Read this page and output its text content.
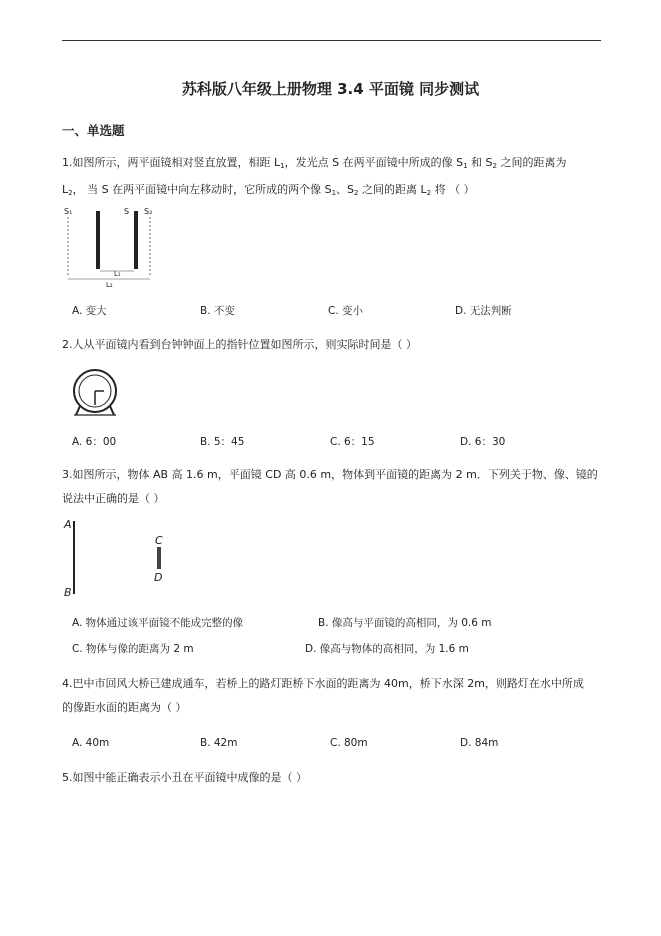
苏科版八年级上册物理 3.4 平面镜 同步测试
一、单选题
1.如图所示，两平面镜相对竖直放置，相距 $L_1$，发光点 S 在两平面镜中所成的像 $S_1$ 和 $S_2$ 之间的距离为
$L_2$， 当 S 在两平面镜中向左移动时，它所成的两个像 $S_1$、$S_2$ 之间的距离 $L_2$ 将 （ ）
S₁	S S₂
L₁
L₂
A. 变大	B. 不变	C. 变小	D. 无法判断
2.人从平面镜内看到台钟钟面上的指针位置如图所示，则实际时间是（ ）
A. 6：00	B. 5：45	C. 6：15	D. 6：30
3.如图所示，物体 AB 高 1.6 m，平面镜 CD 高 0.6 m，物体到平面镜的距离为 2 m．下列关于物、像、镜的
说法中正确的是（ ）
A
B
C
D
A. 物体通过该平面镜不能成完整的像	B. 像高与平面镜的高相同，为 0.6 m
C. 物体与像的距离为 2 m	D. 像高与物体的高相同，为 1.6 m
4.巴中市回风大桥已建成通车，若桥上的路灯距桥下水面的距离为 40m，桥下水深 2m，则路灯在水中所成
的像距水面的距离为（ ）
A. 40m	B. 42m	C. 80m	D. 84m
5.如图中能正确表示小丑在平面镜中成像的是（ ）
